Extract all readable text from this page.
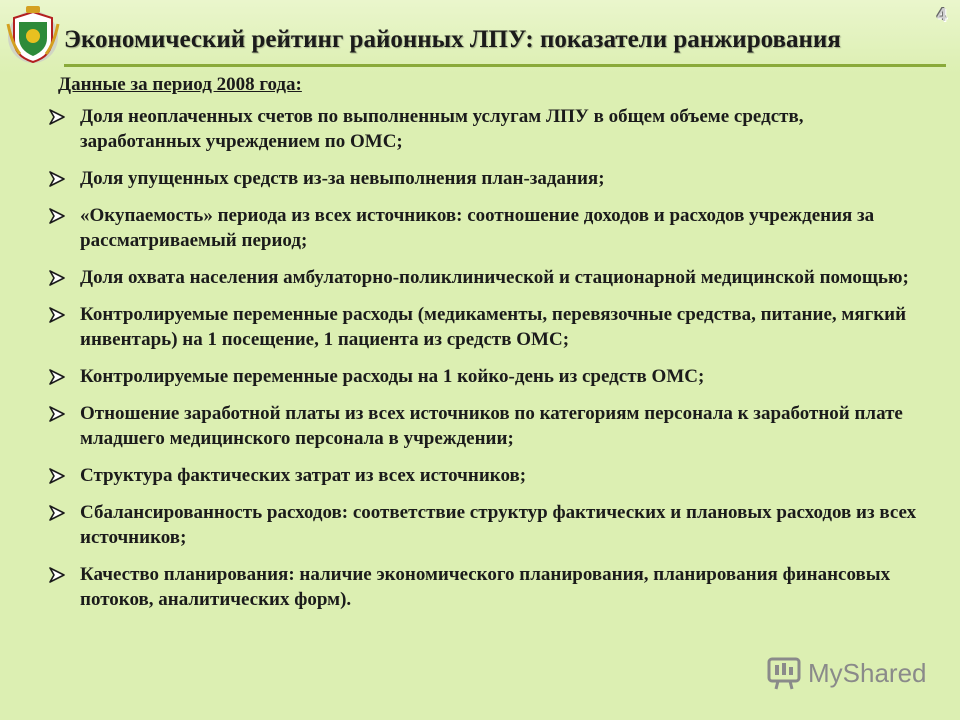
Экономический рейтинг районных ЛПУ: показатели ранжирования
4
Данные за период 2008 года:
Доля неоплаченных счетов по выполненным услугам ЛПУ в общем объеме средств, заработанных учреждением по ОМС;
Доля упущенных средств из-за невыполнения план-задания;
«Окупаемость» периода из всех источников: соотношение доходов и расходов учреждения за рассматриваемый период;
Доля охвата населения амбулаторно-поликлинической и стационарной медицинской помощью;
Контролируемые переменные расходы (медикаменты, перевязочные средства, питание, мягкий инвентарь) на 1 посещение, 1 пациента из средств ОМС;
Контролируемые переменные расходы на 1 койко-день из средств ОМС;
Отношение заработной платы из всех источников по категориям персонала к заработной плате младшего медицинского персонала в учреждении;
Структура фактических затрат из всех источников;
Сбалансированность расходов: соответствие структур фактических и плановых расходов из всех источников;
Качество планирования: наличие экономического планирования, планирования финансовых потоков, аналитических форм).
MyShared
